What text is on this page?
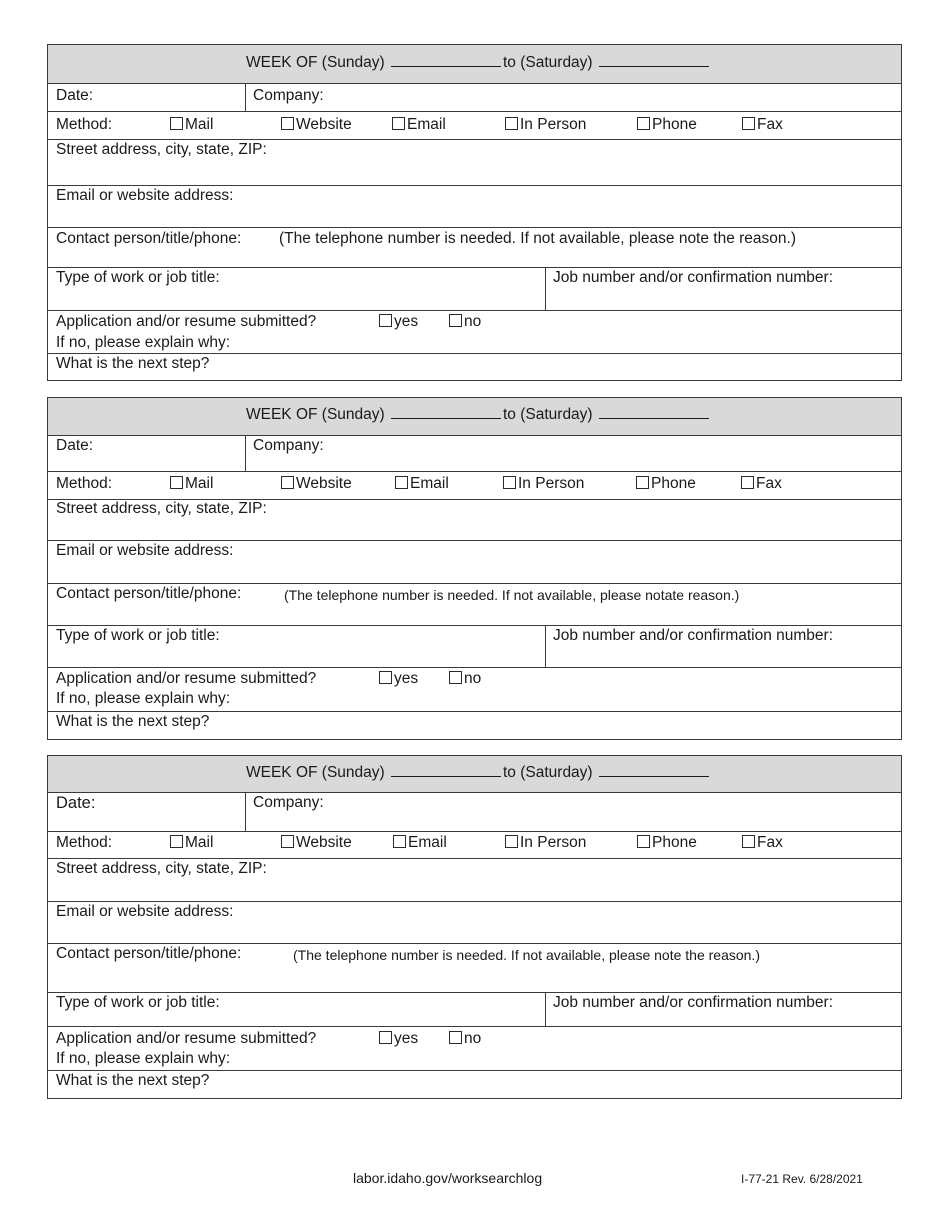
WEEK OF (Sunday)	to (Saturday)
Date:	Company:
Method:	Mail	Website	Email	In Person	Phone	Fax
Street address, city, state, ZIP:
Email or website address:
Contact person/title/phone: (The telephone number is needed. If not available, please note the reason.)
Type of work or job title:	Job number and/or confirmation number:
Application and/or resume submitted?	yes	no
If no, please explain why:
What is the next step?
WEEK OF (Sunday)	to (Saturday)
Date:	Company:
Method:	Mail	Website	Email	In Person	Phone	Fax
Street address, city, state, ZIP:
Email or website address:
Contact person/title/phone:	(The telephone number is needed. If not available, please notate reason.)
Type of work or job title:	Job number and/or confirmation number:
Application and/or resume submitted?	yes	no
If no, please explain why:
What is the next step?
WEEK OF (Sunday)	to (Saturday)
Date:	Company:
Method:	Mail	Website	Email	In Person	Phone	Fax
Street address, city, state, ZIP:
Email or website address:
Contact person/title/phone:	(The telephone number is needed. If not available, please note the reason.)
Type of work or job title:	Job number and/or confirmation number:
Application and/or resume submitted?	yes	no
If no, please explain why:
What is the next step?
labor.idaho.gov/worksearchlog	I-77-21 Rev. 6/28/2021
